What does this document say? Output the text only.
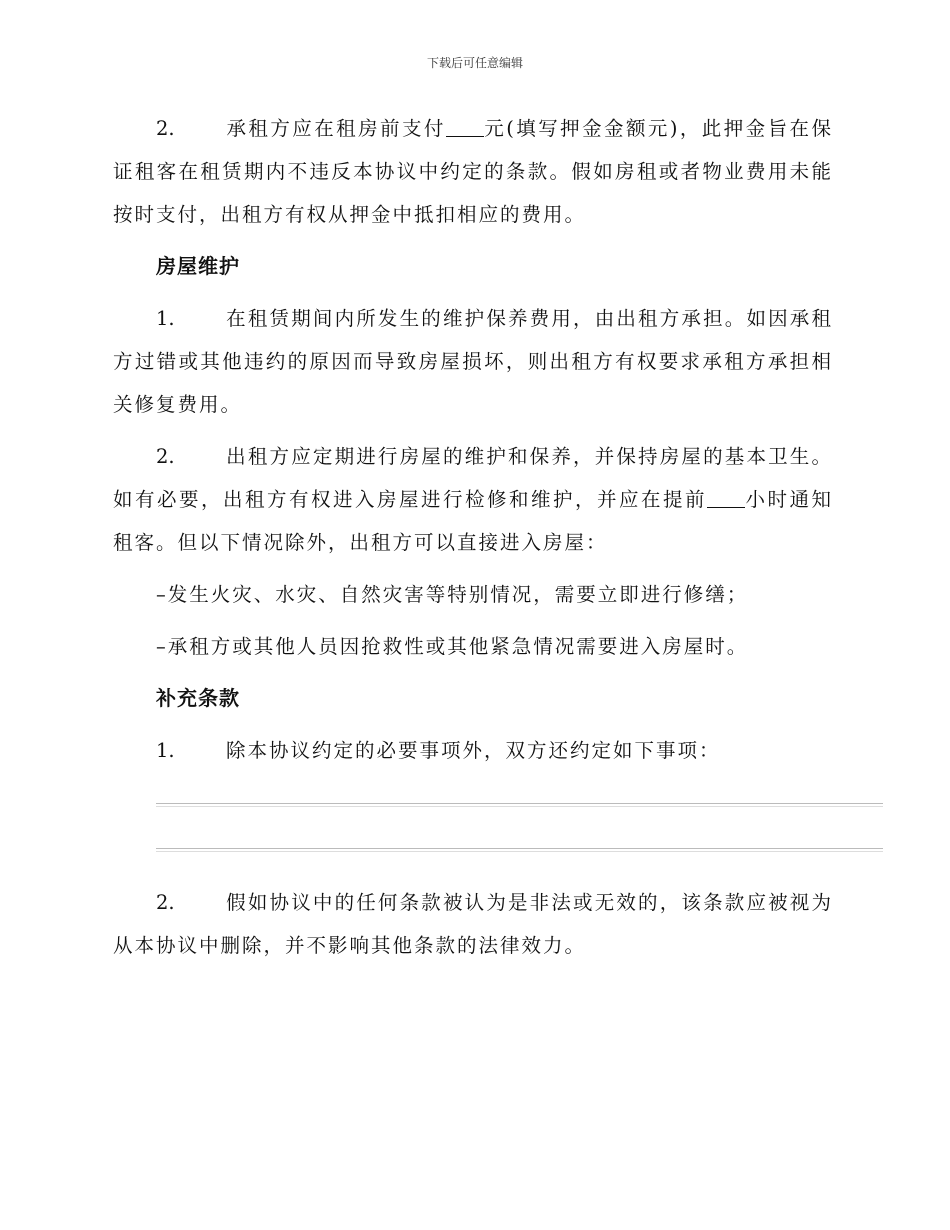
下载后可任意编辑

2.	承租方应在租房前支付 元(填写押金金额元)，此押金旨在保证租客在租赁期内不违反本协议中约定的条款。假如房租或者物业费用未能按时支付，出租方有权从押金中抵扣相应的费用。

房屋维护

1.	在租赁期间内所发生的维护保养费用，由出租方承担。如因承租方过错或其他违约的原因而导致房屋损坏，则出租方有权要求承租方承担相关修复费用。

2.	出租方应定期进行房屋的维护和保养，并保持房屋的基本卫生。如有必要，出租方有权进入房屋进行检修和维护，并应在提前 小时通知租客。但以下情况除外，出租方可以直接进入房屋：

–发生火灾、水灾、自然灾害等特别情况，需要立即进行修缮；

–承租方或其他人员因抢救性或其他紧急情况需要进入房屋时。

补充条款

1.	除本协议约定的必要事项外，双方还约定如下事项：

2.	假如协议中的任何条款被认为是非法或无效的，该条款应被视为从本协议中删除，并不影响其他条款的法律效力。
